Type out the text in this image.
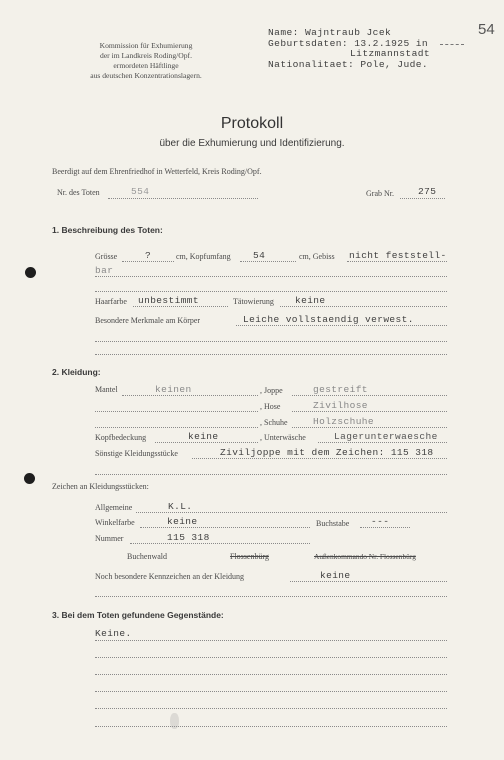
54
Kommission für Exhumierung
der im Landkreis Roding/Opf.
ermordeten Häftlinge
aus deutschen Konzentrationslagern.
Name: Wajntraub Jcek
Geburtsdaten: 13.2.1925 in
Litzmannstadt
Nationalitaet: Pole, Jude.
Protokoll
über die Exhumierung und Identifizierung.
Beerdigt auf dem Ehrenfriedhof in Wetterfeld, Kreis Roding/Opf.
Nr. des Toten	554	Grab Nr.	275
1. Beschreibung des Toten:
Grösse	?	cm, Kopfumfang 54	cm, Gebiss nicht feststell-
bar
Haarfarbe unbestimmt	Tätowierung keine
Besondere Merkmale am Körper	Leiche vollstaendig verwest.
2. Kleidung:
Mantel	keinen	, Joppe	gestreift
, Hose	Zivilhose
, Schuhe	Holzschuhe
Kopfbedeckung	keine	, Unterwäsche	Lagerunterwaesche
Sönstige Kleidungsstücke	Ziviljoppe mit dem Zeichen: 115 318
Zeichen an Kleidungsstücken:
Allgemeine	K.L.
Winkelfarbe	keine	Buchstabe ---
Nummer	115 318
Buchenwald	Flossenbürg	Außenkommando Nr. Flossenbürg
Noch besondere Kennzeichen an der Kleidung	keine
3. Bei dem Toten gefundene Gegenstände:
Keine.
